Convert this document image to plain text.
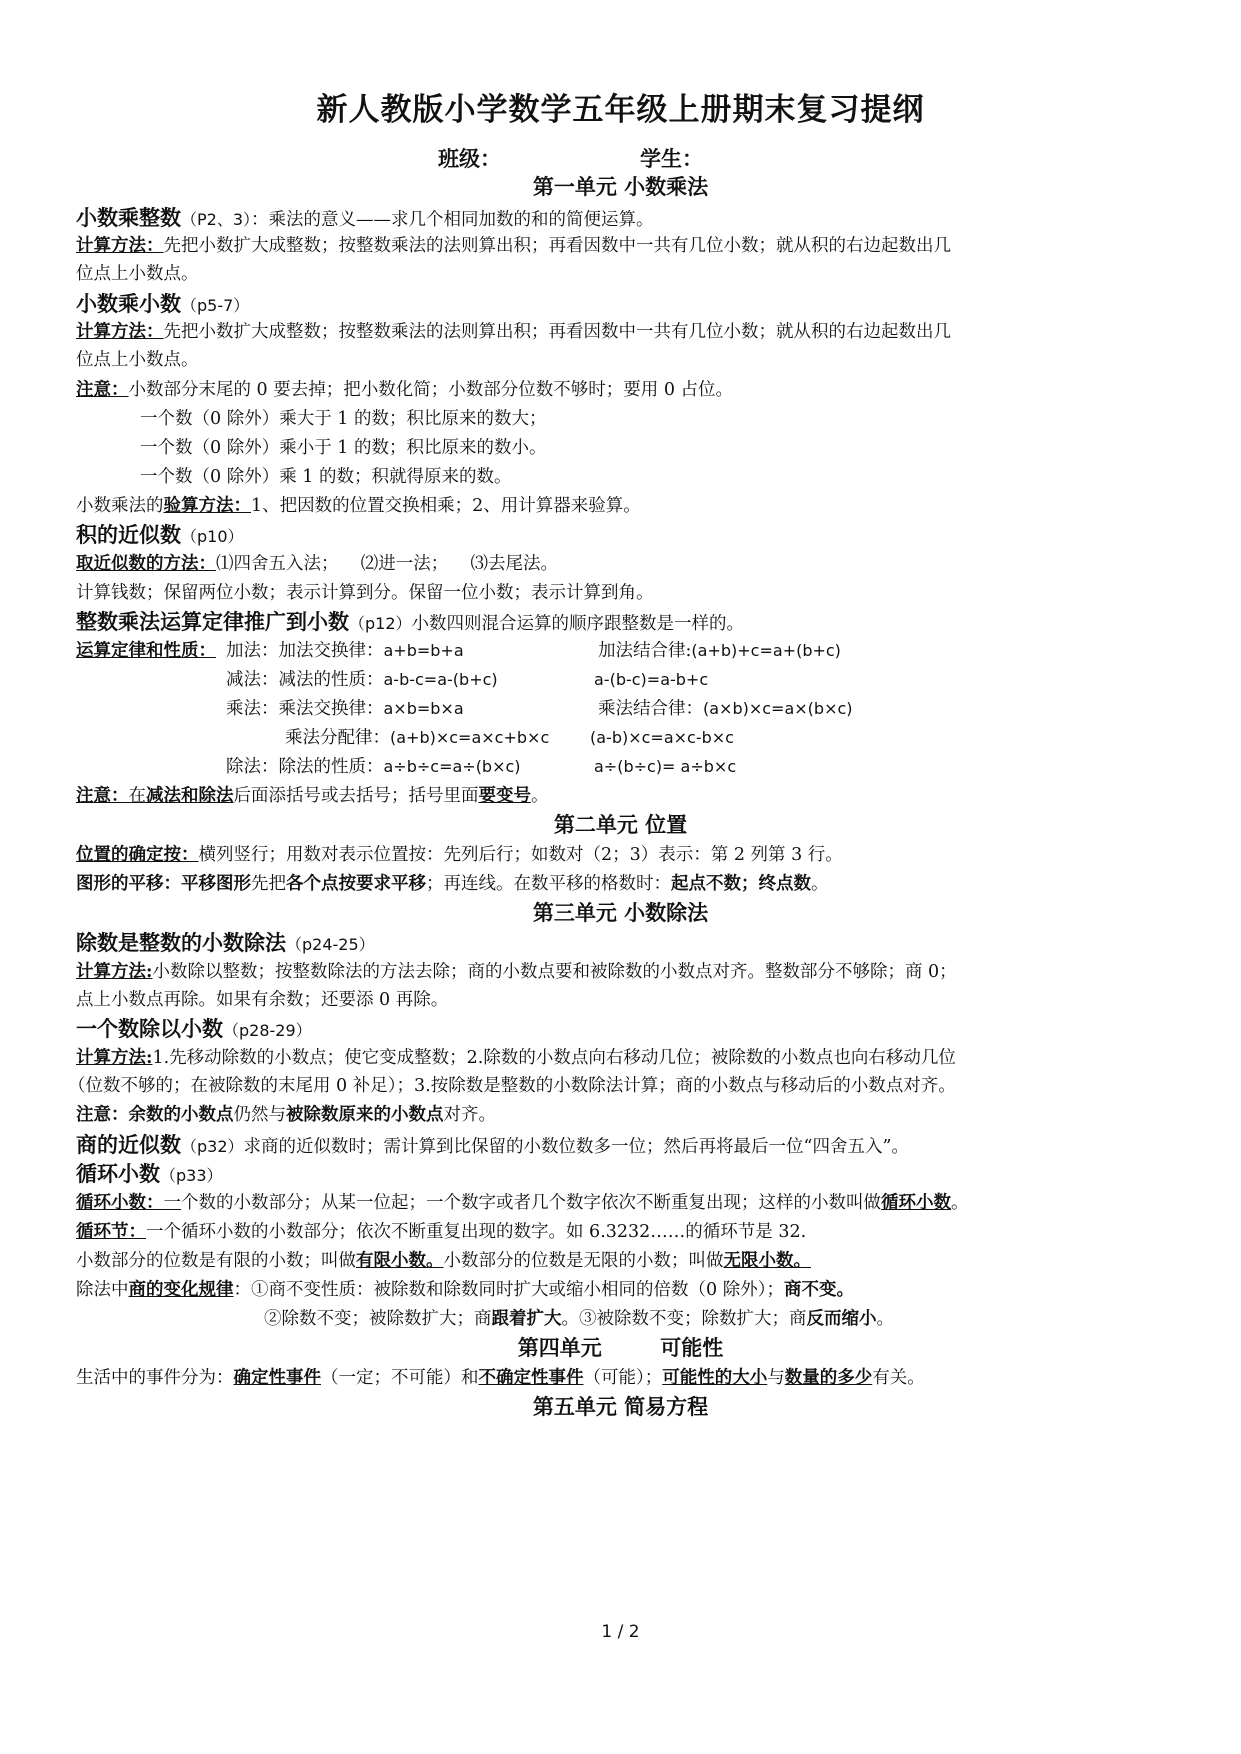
新人教版小学数学五年级上册期末复习提纲
班级：	学生：
第一单元 小数乘法
小数乘整数（P2、3）：乘法的意义——求几个相同加数的和的简便运算。
计算方法：先把小数扩大成整数；按整数乘法的法则算出积；再看因数中一共有几位小数；就从积的右边起数出几
位点上小数点。
小数乘小数（p5-7）
计算方法：先把小数扩大成整数；按整数乘法的法则算出积；再看因数中一共有几位小数；就从积的右边起数出几
位点上小数点。
注意：小数部分末尾的 0 要去掉；把小数化简；小数部分位数不够时；要用 0 占位。
一个数（0 除外）乘大于 1 的数；积比原来的数大；
一个数（0 除外）乘小于 1 的数；积比原来的数小。
一个数（0 除外）乘 1 的数；积就得原来的数。
小数乘法的验算方法：1、把因数的位置交换相乘；2、用计算器来验算。
积的近似数（p10）
取近似数的方法：⑴四舍五入法；    ⑵进一法；    ⑶去尾法。
计算钱数；保留两位小数；表示计算到分。保留一位小数；表示计算到角。
整数乘法运算定律推广到小数（p12）小数四则混合运算的顺序跟整数是一样的。
运算定律和性质： 加法：加法交换律：a+b=b+a	加法结合律:(a+b)+c=a+(b+c)
减法：减法的性质：a-b-c=a-(b+c)	a-(b-c)=a-b+c
乘法：乘法交换律：a×b=b×a	乘法结合律：(a×b)×c=a×(b×c)
乘法分配律：(a+b)×c=a×c+b×c	(a-b)×c=a×c-b×c
除法：除法的性质：a÷b÷c=a÷(b×c)	a÷(b÷c)= a÷b×c
注意：在减法和除法后面添括号或去括号；括号里面要变号。
第二单元 位置
位置的确定按：横列竖行；用数对表示位置按：先列后行；如数对（2；3）表示：第 2 列第 3 行。
图形的平移：平移图形先把各个点按要求平移；再连线。在数平移的格数时：起点不数；终点数。
第三单元 小数除法
除数是整数的小数除法（p24-25）
计算方法:小数除以整数；按整数除法的方法去除；商的小数点要和被除数的小数点对齐。整数部分不够除；商 0；
点上小数点再除。如果有余数；还要添 0 再除。
一个数除以小数（p28-29）
计算方法:1.先移动除数的小数点；使它变成整数；2.除数的小数点向右移动几位；被除数的小数点也向右移动几位
（位数不够的；在被除数的末尾用 0 补足）；3.按除数是整数的小数除法计算；商的小数点与移动后的小数点对齐。
注意：余数的小数点仍然与被除数原来的小数点对齐。
商的近似数（p32）求商的近似数时；需计算到比保留的小数位数多一位；然后再将最后一位“四舍五入”。
循环小数（p33）
循环小数：一个数的小数部分；从某一位起；一个数字或者几个数字依次不断重复出现；这样的小数叫做循环小数。
循环节：一个循环小数的小数部分；依次不断重复出现的数字。如 6.3232……的循环节是 32.
小数部分的位数是有限的小数；叫做有限小数。小数部分的位数是无限的小数；叫做无限小数。
除法中商的变化规律：①商不变性质：被除数和除数同时扩大或缩小相同的倍数（0 除外）；商不变。
②除数不变；被除数扩大；商跟着扩大。③被除数不变；除数扩大；商反而缩小。
第四单元        可能性
生活中的事件分为：确定性事件（一定；不可能）和不确定性事件（可能）；可能性的大小与数量的多少有关。
第五单元 简易方程
1 / 2
